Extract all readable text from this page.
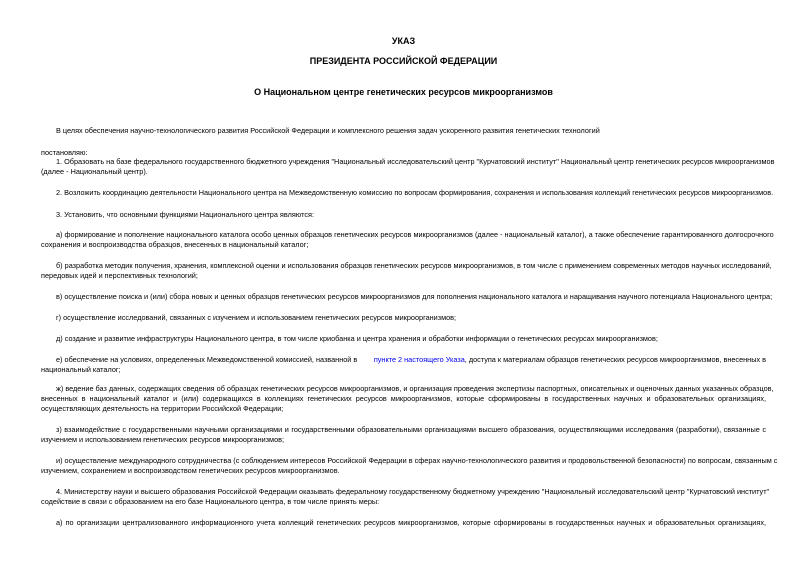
УКАЗ

ПРЕЗИДЕНТА РОССИЙСКОЙ ФЕДЕРАЦИИ

О Национальном центре генетических ресурсов микроорганизмов

В целях обеспечения научно-технологического развития Российской Федерации и комплексного решения задач ускоренного развития генетических технологий

постановляю:

1. Образовать на базе федерального государственного бюджетного учреждения "Национальный исследовательский центр "Курчатовский институт" Национальный центр генетических ресурсов микроорганизмов

(далее - Национальный центр).

2. Возложить координацию деятельности Национального центра на Межведомственную комиссию по вопросам формирования, сохранения и использования коллекций генетических ресурсов микроорганизмов.

3. Установить, что основными функциями Национального центра являются:

а) формирование и пополнение национального каталога особо ценных образцов генетических ресурсов микроорганизмов (далее - национальный каталог), а также обеспечение гарантированного долгосрочного

сохранения и воспроизводства образцов, внесенных в национальный каталог;

б) разработка методик получения, хранения, комплексной оценки и использования образцов генетических ресурсов микроорганизмов, в том числе с применением современных методов научных исследований,

передовых идей и перспективных технологий;

в) осуществление поиска и (или) сбора новых и ценных образцов генетических ресурсов микроорганизмов для пополнения национального каталога и наращивания научного потенциала Национального центра;

г) осуществление исследований, связанных с изучением и использованием генетических ресурсов микроорганизмов;

д) создание и развитие инфраструктуры Национального центра, в том числе криобанка и центра хранения и обработки информации о генетических ресурсах микроорганизмов;

е) обеспечение на условиях, определенных Межведомственной комиссией, названной в пункте 2 настоящего Указа, доступа к материалам образцов генетических ресурсов микроорганизмов, внесенных в

национальный каталог;

ж) ведение баз данных, содержащих сведения об образцах генетических ресурсов микроорганизмов, и организация проведения экспертизы паспортных, описательных и оценочных данных указанных образцов,

внесенных в национальный каталог и (или) содержащихся в коллекциях генетических ресурсов микроорганизмов, которые сформированы в государственных научных и образовательных организациях,

осуществляющих деятельность на территории Российской Федерации;

з) взаимодействие с государственными научными организациями и государственными образовательными организациями высшего образования, осуществляющими исследования (разработки), связанные с

изучением и использованием генетических ресурсов микроорганизмов;

и) осуществление международного сотрудничества (с соблюдением интересов Российской Федерации в сферах научно-технологического развития и продовольственной безопасности) по вопросам, связанным с

изучением, сохранением и воспроизводством генетических ресурсов микроорганизмов.

4. Министерству науки и высшего образования Российской Федерации оказывать федеральному государственному бюджетному учреждению "Национальный исследовательский центр "Курчатовский институт"

содействие в связи с образованием на его базе Национального центра, в том числе принять меры:

а) по организации централизованного информационного учета коллекций генетических ресурсов микроорганизмов, которые сформированы в государственных научных и образовательных организациях,
